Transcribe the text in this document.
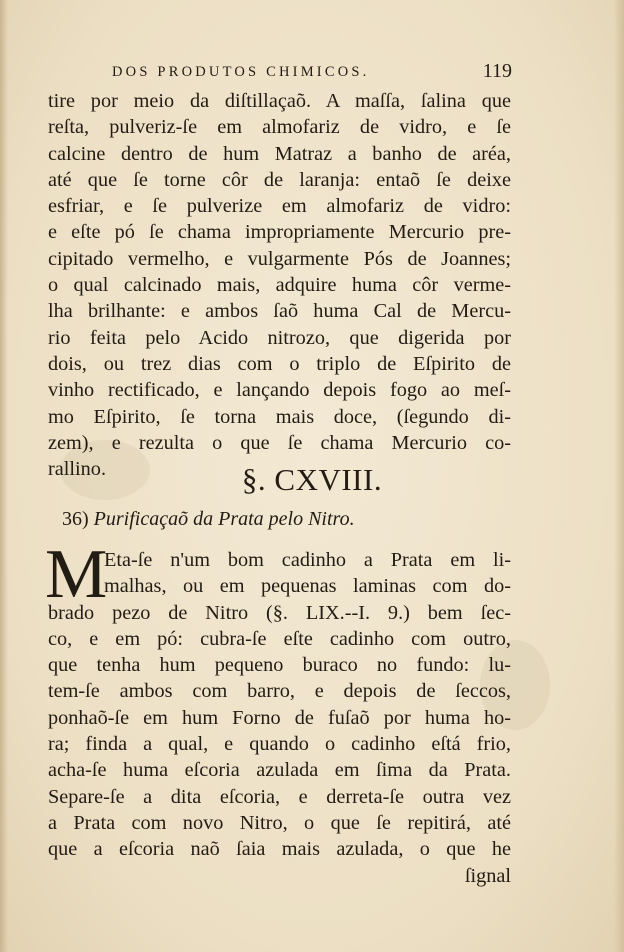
DOS PRODUTOS CHIMICOS.	119
tire por meio da diſtillaçaõ. A maſſa, ſalina que
reſta, pulveriz-ſe em almofariz de vidro, e ſe
calcine dentro de hum Matraz a banho de aréa,
até que ſe torne côr de laranja: entaõ ſe deixe
esfriar, e ſe pulverize em almofariz de vidro:
e eſte pó ſe chama impropriamente Mercurio pre-
cipitado vermelho, e vulgarmente Pós de Joannes;
o qual calcinado mais, adquire huma côr verme-
lha brilhante: e ambos ſaõ huma Cal de Mercu-
rio feita pelo Acido nitrozo, que digerida por
dois, ou trez dias com o triplo de Eſpirito de
vinho rectificado, e lançando depois fogo ao meſ-
mo Eſpirito, ſe torna mais doce, (ſegundo di-
zem), e rezulta o que ſe chama Mercurio co-
rallino.	§. CXVIII.
36) Purificaçaõ da Prata pelo Nitro.
M
Eta-ſe n'um bom cadinho a Prata em li-
malhas, ou em pequenas laminas com do-
brado pezo de Nitro (§. LIX.--I. 9.) bem ſec-
co, e em pó: cubra-ſe eſte cadinho com outro,
que tenha hum pequeno buraco no fundo: lu-
tem-ſe ambos com barro, e depois de ſeccos,
ponhaõ-ſe em hum Forno de fuſaõ por huma ho-
ra; finda a qual, e quando o cadinho eſtá frio,
acha-ſe huma eſcoria azulada em ſima da Prata.
Separe-ſe a dita eſcoria, e derreta-ſe outra vez
a Prata com novo Nitro, o que ſe repitirá, até
que a eſcoria naõ ſaia mais azulada, o que he
ſignal
